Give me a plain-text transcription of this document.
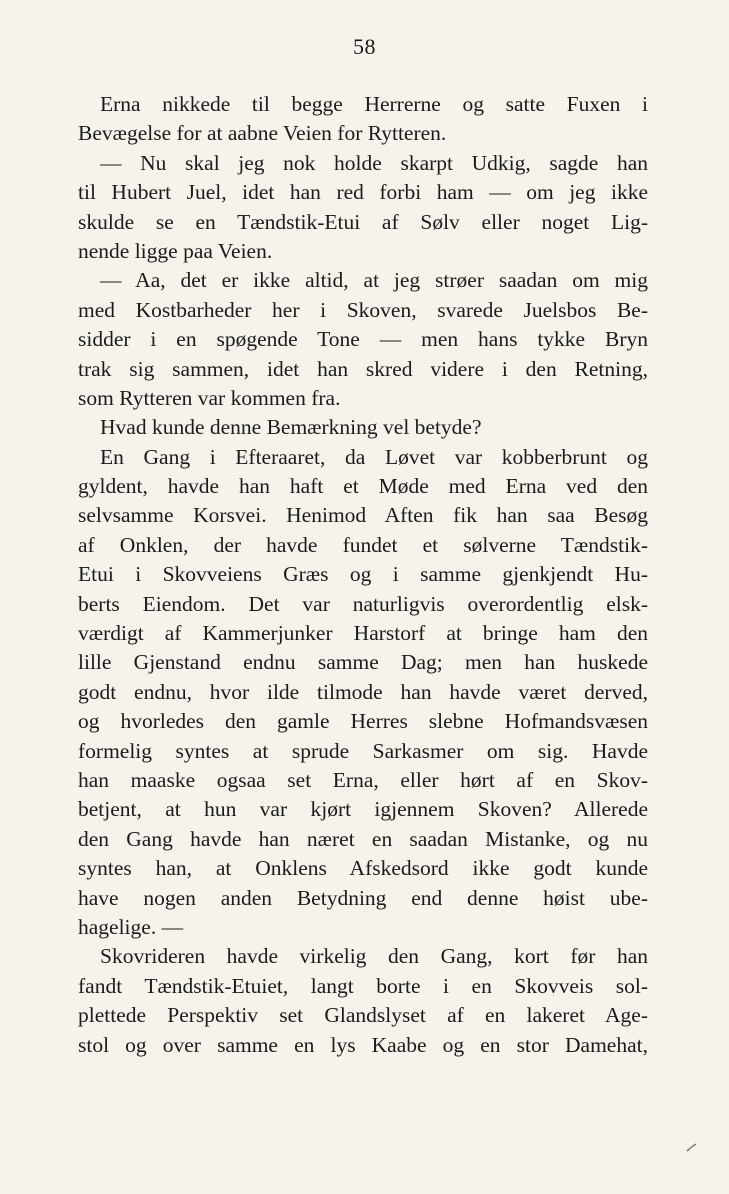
58
Erna nikkede til begge Herrerne og satte Fuxen i
Bevægelse for at aabne Veien for Rytteren.
— Nu skal jeg nok holde skarpt Udkig, sagde han
til Hubert Juel, idet han red forbi ham — om jeg ikke
skulde se en Tændstik-Etui af Sølv eller noget Lig-
nende ligge paa Veien.
— Aa, det er ikke altid, at jeg strøer saadan om mig
med Kostbarheder her i Skoven, svarede Juelsbos Be-
sidder i en spøgende Tone — men hans tykke Bryn
trak sig sammen, idet han skred videre i den Retning,
som Rytteren var kommen fra.
Hvad kunde denne Bemærkning vel betyde?
En Gang i Efteraaret, da Løvet var kobberbrunt og
gyldent, havde han haft et Møde med Erna ved den
selvsamme Korsvei. Henimod Aften fik han saa Besøg
af Onklen, der havde fundet et sølverne Tændstik-
Etui i Skovveiens Græs og i samme gjenkjendt Hu-
berts Eiendom. Det var naturligvis overordentlig elsk-
værdigt af Kammerjunker Harstorf at bringe ham den
lille Gjenstand endnu samme Dag; men han huskede
godt endnu, hvor ilde tilmode han havde været derved,
og hvorledes den gamle Herres slebne Hofmandsvæsen
formelig syntes at sprude Sarkasmer om sig. Havde
han maaske ogsaa set Erna, eller hørt af en Skov-
betjent, at hun var kjørt igjennem Skoven? Allerede
den Gang havde han næret en saadan Mistanke, og nu
syntes han, at Onklens Afskedsord ikke godt kunde
have nogen anden Betydning end denne høist ube-
hagelige. —
Skovrideren havde virkelig den Gang, kort før han
fandt Tændstik-Etuiet, langt borte i en Skovveis sol-
plettede Perspektiv set Glandslyset af en lakeret Age-
stol og over samme en lys Kaabe og en stor Damehat,
